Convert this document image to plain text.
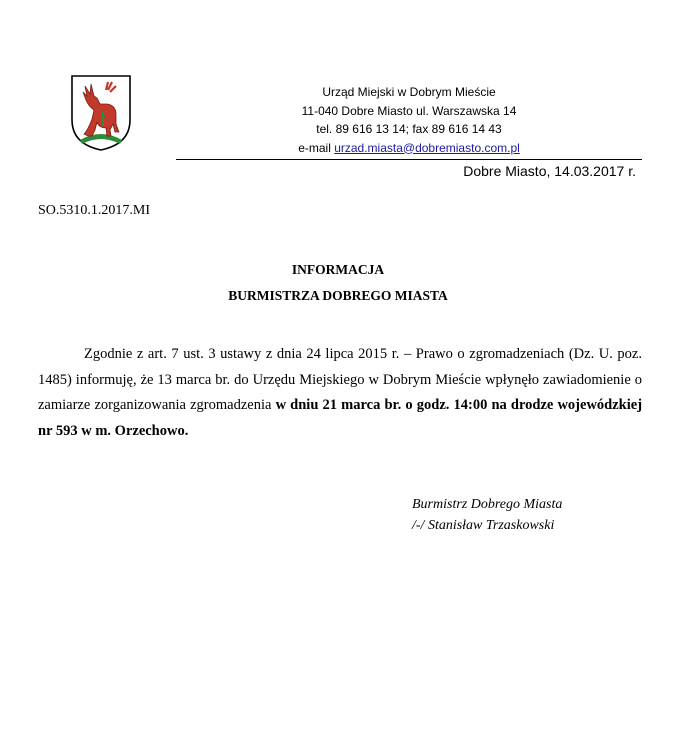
Urząd Miejski w Dobrym Mieście
11-040 Dobre Miasto ul. Warszawska 14
tel. 89 616 13 14; fax 89 616 14 43
e-mail urzad.miasta@dobremiasto.com.pl
Dobre Miasto, 14.03.2017 r.
SO.5310.1.2017.MI
INFORMACJA
BURMISTRZA DOBREGO MIASTA
Zgodnie z art. 7 ust. 3 ustawy z dnia 24 lipca 2015 r. – Prawo o zgromadzeniach (Dz. U. poz. 1485) informuję, że 13 marca br. do Urzędu Miejskiego w Dobrym Mieście wpłynęło zawiadomienie o zamiarze zorganizowania zgromadzenia w dniu 21 marca br. o godz. 14:00 na drodze wojewódzkiej nr 593 w m. Orzechowo.
Burmistrz Dobrego Miasta
/-/ Stanisław Trzaskowski
